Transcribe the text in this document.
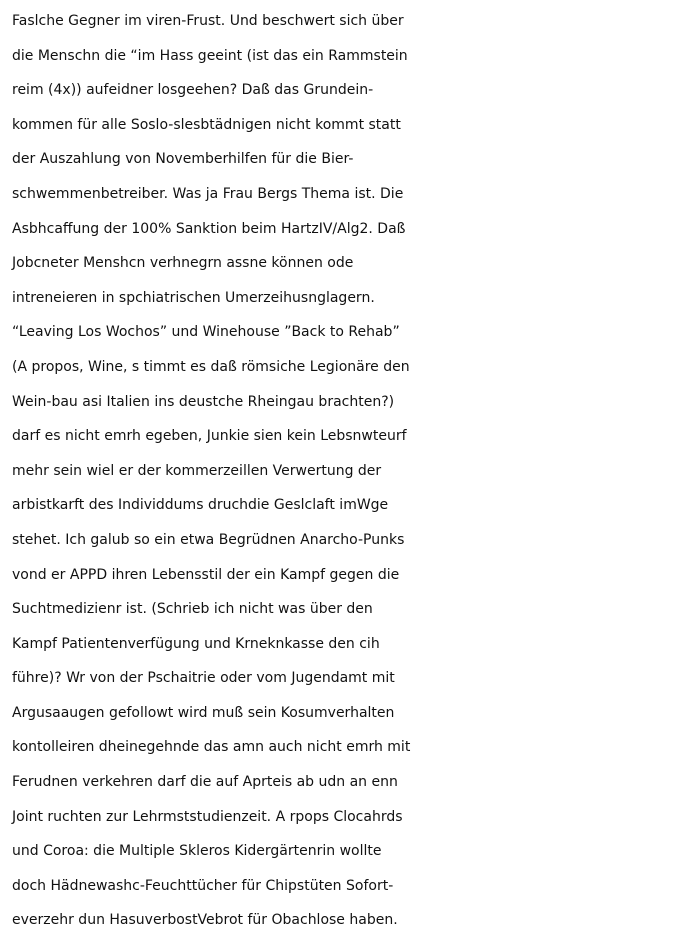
Faslche Gegner im viren-Frust. Und beschwert sich über
die Menschn die “im Hass geeint (ist das ein Rammstein
reim (4x)) aufeidner losgeehen? Daß das Grundein-
kommen für alle Soslo-slesbtädnigen nicht kommt statt
der Auszahlung von Novemberhilfen für die Bier-
schwemmenbetreiber. Was ja Frau Bergs Thema ist. Die
Asbhcaffung der 100% Sanktion beim HartzIV/Alg2. Daß
Jobcneter Menshcn verhnegrn assne können ode
intreneieren in spchiatrischen Umerzeihusnglagern.
“Leaving Los Wochos” und Winehouse ”Back to Rehab”
(A propos, Wine, s timmt es daß römsiche Legionäre den
Wein-bau asi Italien ins deustche Rheingau brachten?)
darf es nicht emrh egeben, Junkie sien kein Lebsnwteurf
mehr sein wiel er der kommerzeillen Verwertung der
arbistkarft des Individdums druchdie Geslclaft imWge
stehet. Ich galub so ein etwa Begrüdnen Anarcho-Punks
vond er APPD ihren Lebensstil der ein Kampf gegen die
Suchtmedizienr ist. (Schrieb ich nicht was über den
Kampf Patientenverfügung und Krneknkasse den cih
führe)? Wr von der Pschaitrie oder vom Jugendamt mit
Argusaaugen gefollowt wird muß sein Kosumverhalten
kontolleiren dheinegehnde das amn auch nicht emrh mit
Ferudnen verkehren darf die auf Aprteis ab udn an enn
Joint ruchten zur Lehrmststudienzeit. A rpops Clocahrds
und Coroa: die Multiple Skleros Kidergärtenrin wollte
doch Hädnewashc-Feuchttücher für Chipstüten Sofort-
everzehr dun HasuverbostVebrot für Obachlose haben.
